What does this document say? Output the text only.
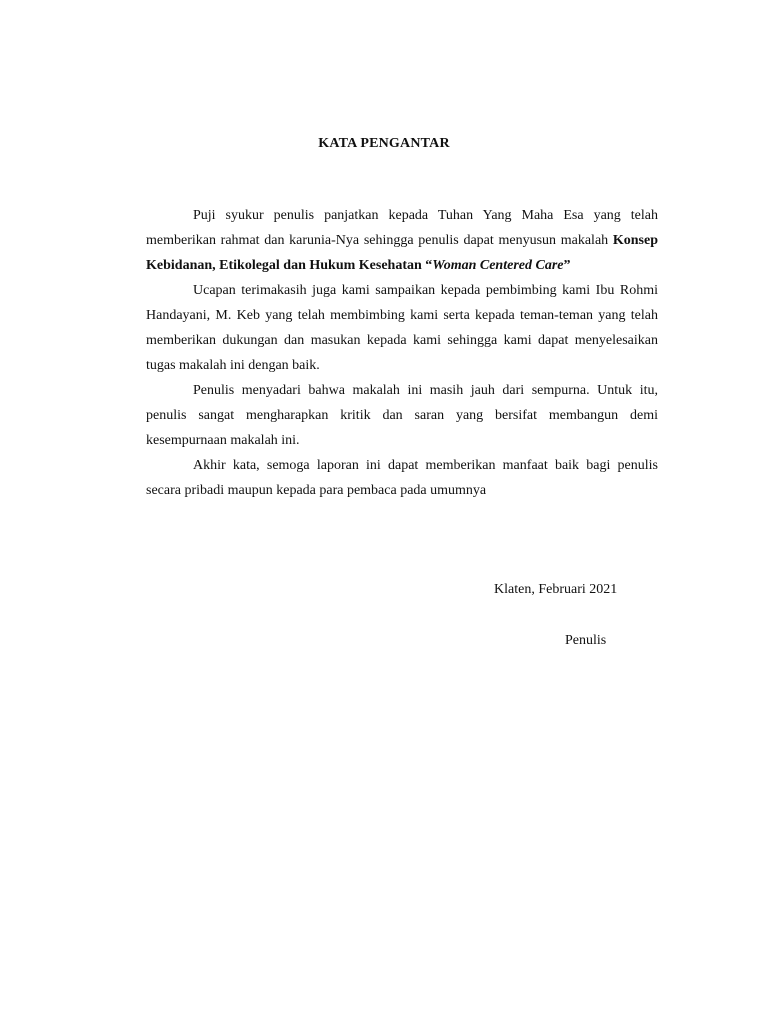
KATA PENGANTAR

Puji syukur penulis panjatkan kepada Tuhan Yang Maha Esa yang telah memberikan rahmat dan karunia-Nya sehingga penulis dapat menyusun makalah Konsep Kebidanan, Etikolegal dan Hukum Kesehatan “Woman Centered Care”

Ucapan terimakasih juga kami sampaikan kepada pembimbing kami Ibu Rohmi Handayani, M. Keb yang telah membimbing kami serta kepada teman-teman yang telah memberikan dukungan dan masukan kepada kami sehingga kami dapat menyelesaikan tugas makalah ini dengan baik.

Penulis menyadari bahwa makalah ini masih jauh dari sempurna. Untuk itu, penulis sangat mengharapkan kritik dan saran yang bersifat membangun demi kesempurnaan makalah ini.

Akhir kata, semoga laporan ini dapat memberikan manfaat baik bagi penulis secara pribadi maupun kepada para pembaca pada umumnya

Klaten, Februari 2021
Penulis
